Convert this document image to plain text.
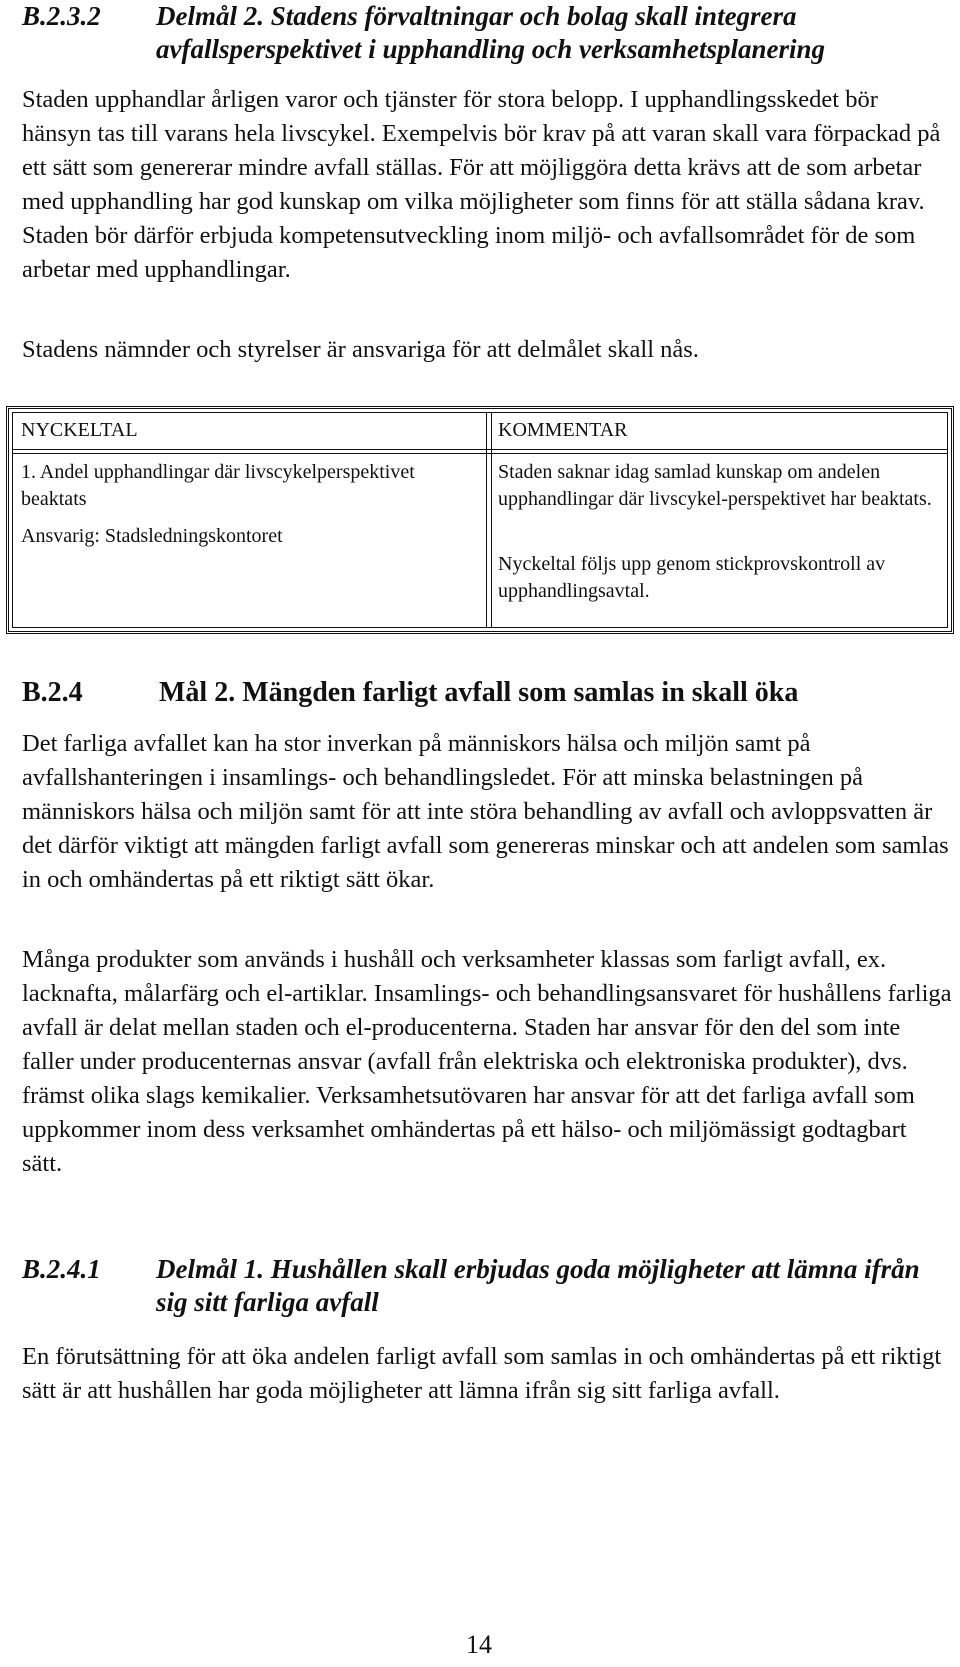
B.2.3.2 Delmål 2. Stadens förvaltningar och bolag skall integrera avfallsperspektivet i upphandling och verksamhetsplanering

Staden upphandlar årligen varor och tjänster för stora belopp. I upphandlingsskedet bör hänsyn tas till varans hela livscykel. Exempelvis bör krav på att varan skall vara förpackad på ett sätt som genererar mindre avfall ställas. För att möjliggöra detta krävs att de som arbetar med upphandling har god kunskap om vilka möjligheter som finns för att ställa sådana krav. Staden bör därför erbjuda kompetensutveckling inom miljö- och avfallsområdet för de som arbetar med upphandlingar.

Stadens nämnder och styrelser är ansvariga för att delmålet skall nås.

NYCKELTAL	KOMMENTAR
1. Andel upphandlingar där livscykelperspektivet beaktats
Ansvarig: Stadsledningskontoret
Staden saknar idag samlad kunskap om andelen upphandlingar där livscykel-perspektivet har beaktats.
Nyckeltal följs upp genom stickprovskontroll av upphandlingsavtal.
B.2.4	Mål 2. Mängden farligt avfall som samlas in skall öka

Det farliga avfallet kan ha stor inverkan på människors hälsa och miljön samt på avfallshanteringen i insamlings- och behandlingsledet. För att minska belastningen på människors hälsa och miljön samt för att inte störa behandling av avfall och avloppsvatten är det därför viktigt att mängden farligt avfall som genereras minskar och att andelen som samlas in och omhändertas på ett riktigt sätt ökar.

Många produkter som används i hushåll och verksamheter klassas som farligt avfall, ex. lacknafta, målarfärg och el-artiklar. Insamlings- och behandlingsansvaret för hushållens farliga avfall är delat mellan staden och el-producenterna. Staden har ansvar för den del som inte faller under producenternas ansvar (avfall från elektriska och elektroniska produkter), dvs. främst olika slags kemikalier. Verksamhetsutövaren har ansvar för att det farliga avfall som uppkommer inom dess verksamhet omhändertas på ett hälso- och miljömässigt godtagbart sätt.

B.2.4.1 Delmål 1. Hushållen skall erbjudas goda möjligheter att lämna ifrån sig sitt farliga avfall

En förutsättning för att öka andelen farligt avfall som samlas in och omhändertas på ett riktigt sätt är att hushållen har goda möjligheter att lämna ifrån sig sitt farliga avfall.

14
